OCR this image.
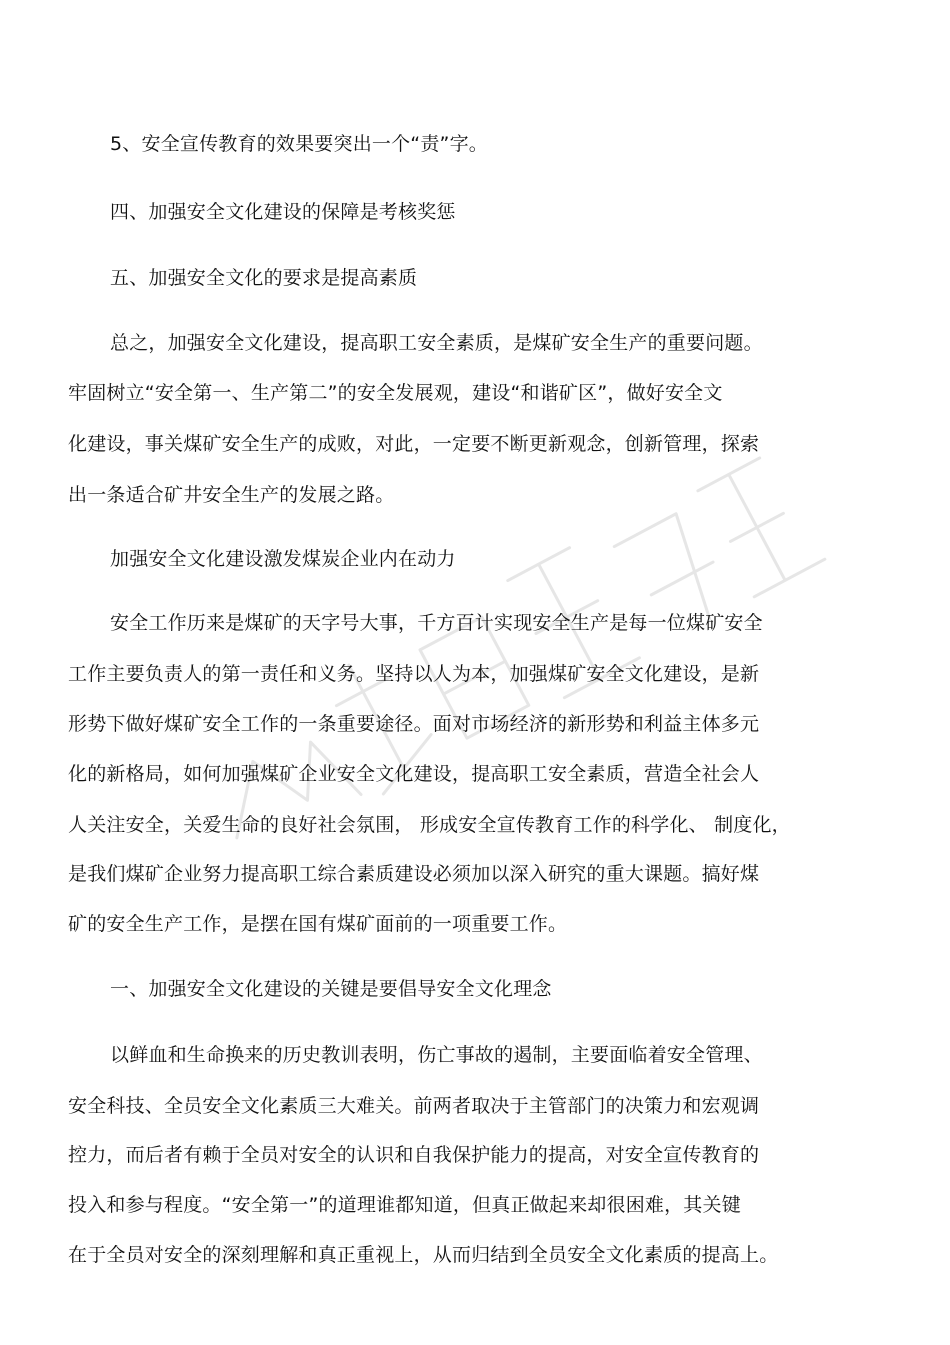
5、安全宣传教育的效果要突出一个“责”字。
四、加强安全文化建设的保障是考核奖惩
五、加强安全文化的要求是提高素质
总之，加强安全文化建设，提高职工安全素质，是煤矿安全生产的重要问题。
牢固树立“安全第一、生产第二”的安全发展观，建设“和谐矿区”，做好安全文
化建设，事关煤矿安全生产的成败，对此，一定要不断更新观念，创新管理，探索
出一条适合矿井安全生产的发展之路。
加强安全文化建设激发煤炭企业内在动力
安全工作历来是煤矿的天字号大事，千方百计实现安全生产是每一位煤矿安全
工作主要负责人的第一责任和义务。坚持以人为本，加强煤矿安全文化建设，是新
形势下做好煤矿安全工作的一条重要途径。面对市场经济的新形势和利益主体多元
化的新格局，如何加强煤矿企业安全文化建设，提高职工安全素质，营造全社会人
人关注安全，关爱生命的良好社会氛围， 形成安全宣传教育工作的科学化、 制度化，
是我们煤矿企业努力提高职工综合素质建设必须加以深入研究的重大课题。搞好煤
矿的安全生产工作，是摆在国有煤矿面前的一项重要工作。
一、加强安全文化建设的关键是要倡导安全文化理念
以鲜血和生命换来的历史教训表明，伤亡事故的遏制，主要面临着安全管理、
安全科技、全员安全文化素质三大难关。前两者取决于主管部门的决策力和宏观调
控力，而后者有赖于全员对安全的认识和自我保护能力的提高，对安全宣传教育的
投入和参与程度。“安全第一”的道理谁都知道，但真正做起来却很困难，其关键
在于全员对安全的深刻理解和真正重视上，从而归结到全员安全文化素质的提高上。
